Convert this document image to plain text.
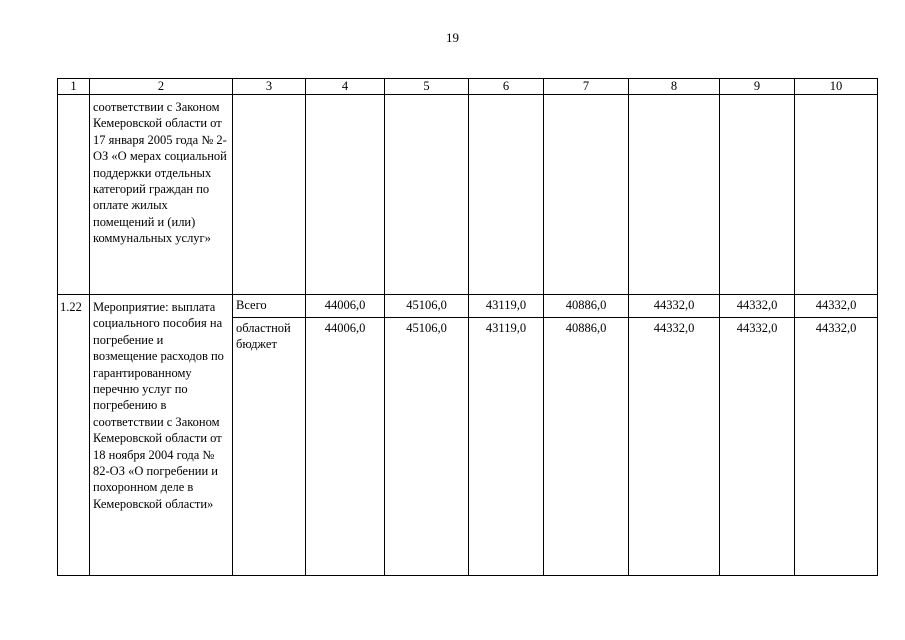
19
1	2	3	4	5	6	7	8	9	10
	соответствии с Законом Кемеровской области от 17 января 2005 года № 2-ОЗ «О мерах социальной поддержки отдельных категорий граждан по оплате жилых помещений и (или) коммунальных услуг»								
1.22	Мероприятие: выплата социального пособия на погребение и возмещение расходов по гарантированному перечню услуг по погребению в соответствии с Законом Кемеровской области от 18 ноября 2004 года № 82-ОЗ «О погребении и похоронном деле в Кемеровской области»	Всего	44006,0	45106,0	43119,0	40886,0	44332,0	44332,0	44332,0
		областной бюджет	44006,0	45106,0	43119,0	40886,0	44332,0	44332,0	44332,0
